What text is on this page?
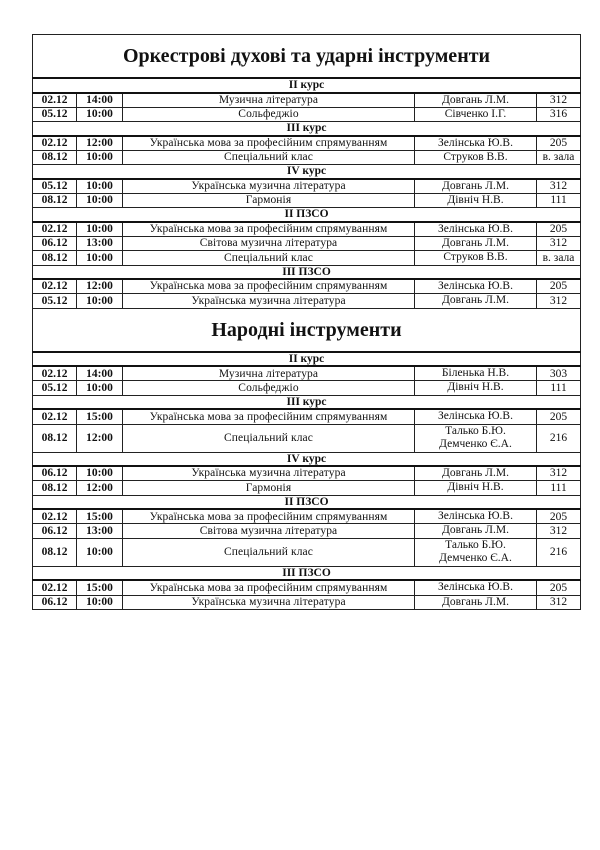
Оркестрові духові та ударні інструменти				
ІІ курс				
02.12	14:00	Музична література	Довгань Л.М.	312
05.12	10:00	Сольфеджіо	Сівченко І.Г.	316
ІІІ курс				
02.12	12:00	Українська мова за професійним спрямуванням	Зелінська Ю.В.	205
08.12	10:00	Спеціальний клас	Струков В.В.	в. зала
IV курс				
05.12	10:00	Українська музична література	Довгань Л.М.	312
08.12	10:00	Гармонія	Дівніч Н.В.	111
ІІ ПЗСО				
02.12	10:00	Українська мова за професійним спрямуванням	Зелінська Ю.В.	205
06.12	13:00	Світова музична література	Довгань Л.М.	312
08.12	10:00	Спеціальний клас	Струков В.В.	в. зала
ІІІ ПЗСО				
02.12	12:00	Українська мова за професійним спрямуванням	Зелінська Ю.В.	205
05.12	10:00	Українська музична література	Довгань Л.М.	312
Народні інструменти				
ІІ курс				
02.12	14:00	Музична література	Біленька Н.В.	303
05.12	10:00	Сольфеджіо	Дівніч Н.В.	111
ІІІ курс				
02.12	15:00	Українська мова за професійним спрямуванням	Зелінська Ю.В.	205
08.12	12:00	Спеціальний клас	Талько Б.Ю.
Демченко Є.А.	216
IV курс				
06.12	10:00	Українська музична література	Довгань Л.М.	312
08.12	12:00	Гармонія	Дівніч Н.В.	111
ІІ ПЗСО				
02.12	15:00	Українська мова за професійним спрямуванням	Зелінська Ю.В.	205
06.12	13:00	Світова музична література	Довгань Л.М.	312
08.12	10:00	Спеціальний клас	Талько Б.Ю.
Демченко Є.А.	216
ІІІ ПЗСО				
02.12	15:00	Українська мова за професійним спрямуванням	Зелінська Ю.В.	205
06.12	10:00	Українська музична література	Довгань Л.М.	312
